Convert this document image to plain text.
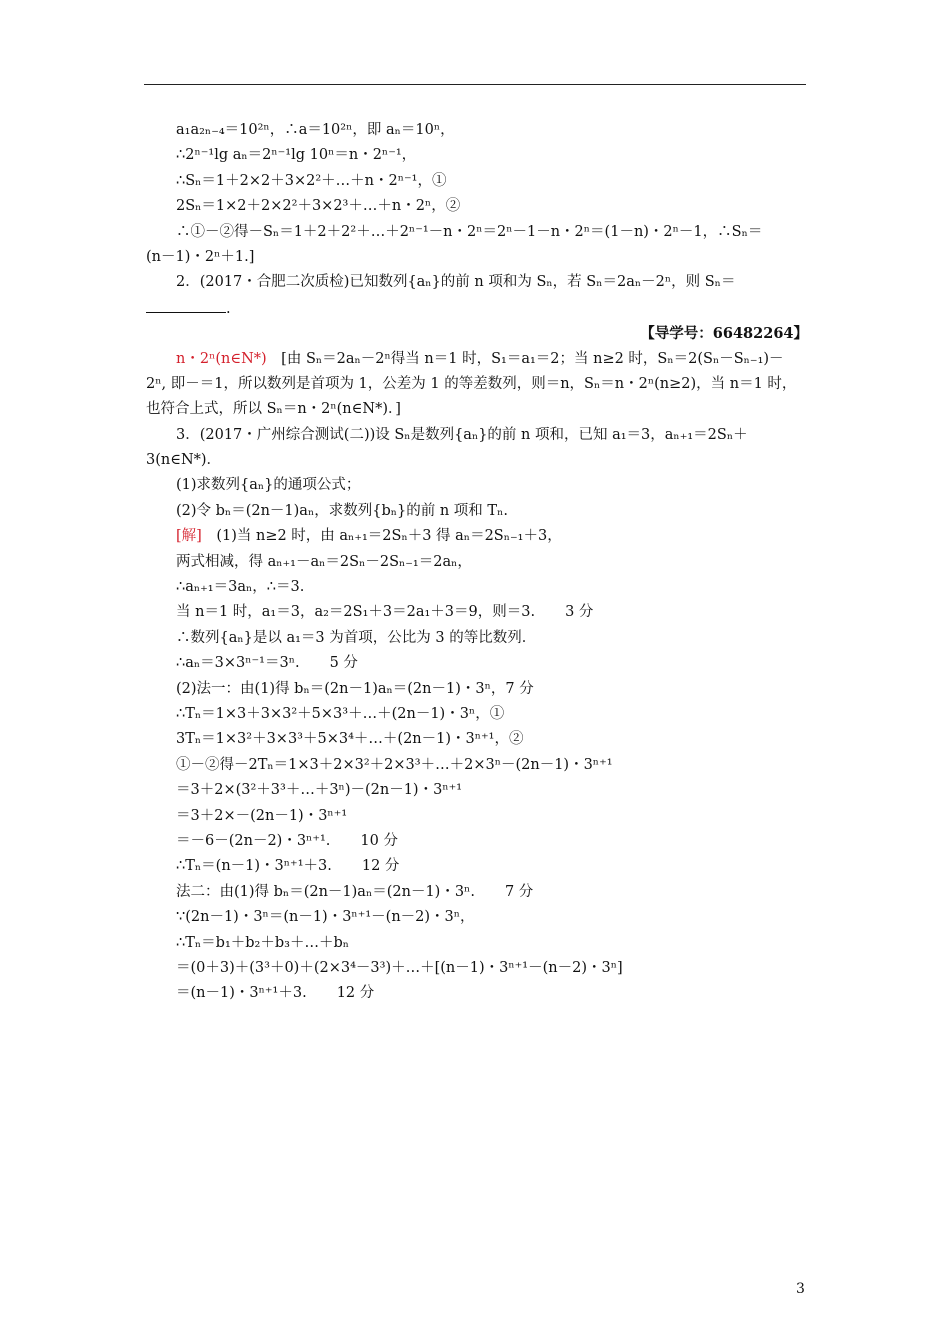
a₁a₂ₙ₋₄＝10²ⁿ，∴a＝10²ⁿ，即 aₙ＝10ⁿ，
∴2ⁿ⁻¹lg aₙ＝2ⁿ⁻¹lg 10ⁿ＝n・2ⁿ⁻¹，
∴Sₙ＝1＋2×2＋3×2²＋…＋n・2ⁿ⁻¹，①
2Sₙ＝1×2＋2×2²＋3×2³＋…＋n・2ⁿ，②
∴①－②得－Sₙ＝1＋2＋2²＋…＋2ⁿ⁻¹－n・2ⁿ＝2ⁿ－1－n・2ⁿ＝(1－n)・2ⁿ－1，∴Sₙ＝
(n－1)・2ⁿ＋1.]
2．(2017・合肥二次质检)已知数列{aₙ}的前 n 项和为 Sₙ，若 Sₙ＝2aₙ－2ⁿ，则 Sₙ＝
.
【导学号：66482264】
n・2ⁿ(n∈N*)  [由 Sₙ＝2aₙ－2ⁿ得当 n＝1 时，S₁＝a₁＝2；当 n≥2 时，Sₙ＝2(Sₙ－Sₙ₋₁)－
2ⁿ, 即－＝1，所以数列是首项为 1，公差为 1 的等差数列，则＝n，Sₙ＝n・2ⁿ(n≥2)，当 n＝1 时，
也符合上式，所以 Sₙ＝n・2ⁿ(n∈N*)．]
3．(2017・广州综合测试(二))设 Sₙ是数列{aₙ}的前 n 项和，已知 a₁＝3，aₙ₊₁＝2Sₙ＋
3(n∈N*)．
(1)求数列{aₙ}的通项公式；
(2)令 bₙ＝(2n－1)aₙ，求数列{bₙ}的前 n 项和 Tₙ.
[解]  (1)当 n≥2 时，由 aₙ₊₁＝2Sₙ＋3 得 aₙ＝2Sₙ₋₁＋3，
两式相减，得 aₙ₊₁－aₙ＝2Sₙ－2Sₙ₋₁＝2aₙ，
∴aₙ₊₁＝3aₙ，∴＝3.
当 n＝1 时，a₁＝3，a₂＝2S₁＋3＝2a₁＋3＝9，则＝3. 3 分
∴数列{aₙ}是以 a₁＝3 为首项，公比为 3 的等比数列．
∴aₙ＝3×3ⁿ⁻¹＝3ⁿ. 5 分
(2)法一：由(1)得 bₙ＝(2n－1)aₙ＝(2n－1)・3ⁿ，7 分
∴Tₙ＝1×3＋3×3²＋5×3³＋…＋(2n－1)・3ⁿ，①
3Tₙ＝1×3²＋3×3³＋5×3⁴＋…＋(2n－1)・3ⁿ⁺¹，②
①－②得－2Tₙ＝1×3＋2×3²＋2×3³＋…＋2×3ⁿ－(2n－1)・3ⁿ⁺¹
＝3＋2×(3²＋3³＋…＋3ⁿ)－(2n－1)・3ⁿ⁺¹
＝3＋2×－(2n－1)・3ⁿ⁺¹
＝－6－(2n－2)・3ⁿ⁺¹. 10 分
∴Tₙ＝(n－1)・3ⁿ⁺¹＋3. 12 分
法二：由(1)得 bₙ＝(2n－1)aₙ＝(2n－1)・3ⁿ. 7 分
∵(2n－1)・3ⁿ＝(n－1)・3ⁿ⁺¹－(n－2)・3ⁿ，
∴Tₙ＝b₁＋b₂＋b₃＋…＋bₙ
＝(0＋3)＋(3³＋0)＋(2×3⁴－3³)＋…＋[(n－1)・3ⁿ⁺¹－(n－2)・3ⁿ]
＝(n－1)・3ⁿ⁺¹＋3. 12 分
3
